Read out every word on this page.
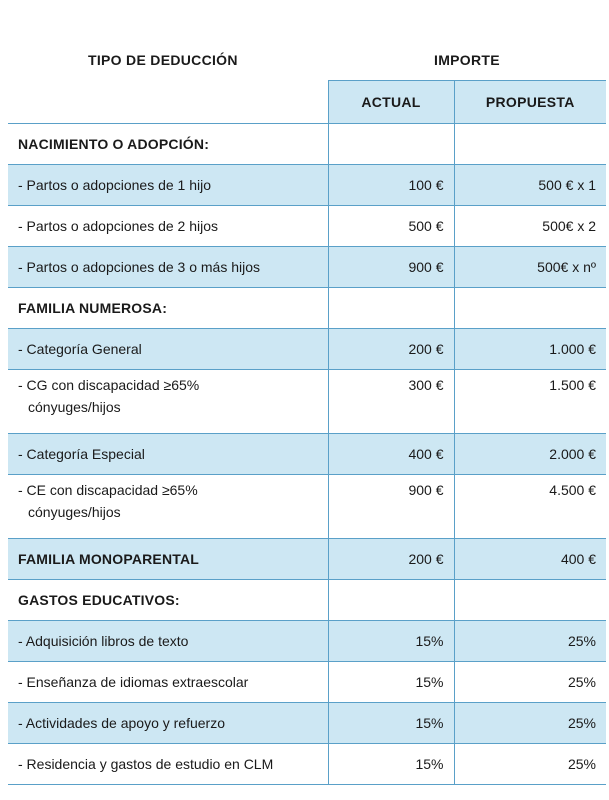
TIPO DE DEDUCCIÓN	IMPORTE
	ACTUAL	PROPUESTA
NACIMIENTO O ADOPCIÓN:		
- Partos o adopciones de 1 hijo	100 €	500 € x 1
- Partos o adopciones de 2 hijos	500 €	500€ x 2
- Partos o adopciones de 3 o más hijos	900 €	500€ x nº
FAMILIA NUMEROSA:		
- Categoría General	200 €	1.000 €
- CG con discapacidad ≥65%
cónyuges/hijos	300 €	1.500 €
- Categoría Especial	400 €	2.000 €
- CE con discapacidad ≥65%
cónyuges/hijos	900 €	4.500 €
FAMILIA MONOPARENTAL	200 €	400 €
GASTOS EDUCATIVOS:		
- Adquisición libros de texto	15%	25%
- Enseñanza de idiomas extraescolar	15%	25%
- Actividades de apoyo y refuerzo	15%	25%
- Residencia y gastos de estudio en CLM	15%	25%
